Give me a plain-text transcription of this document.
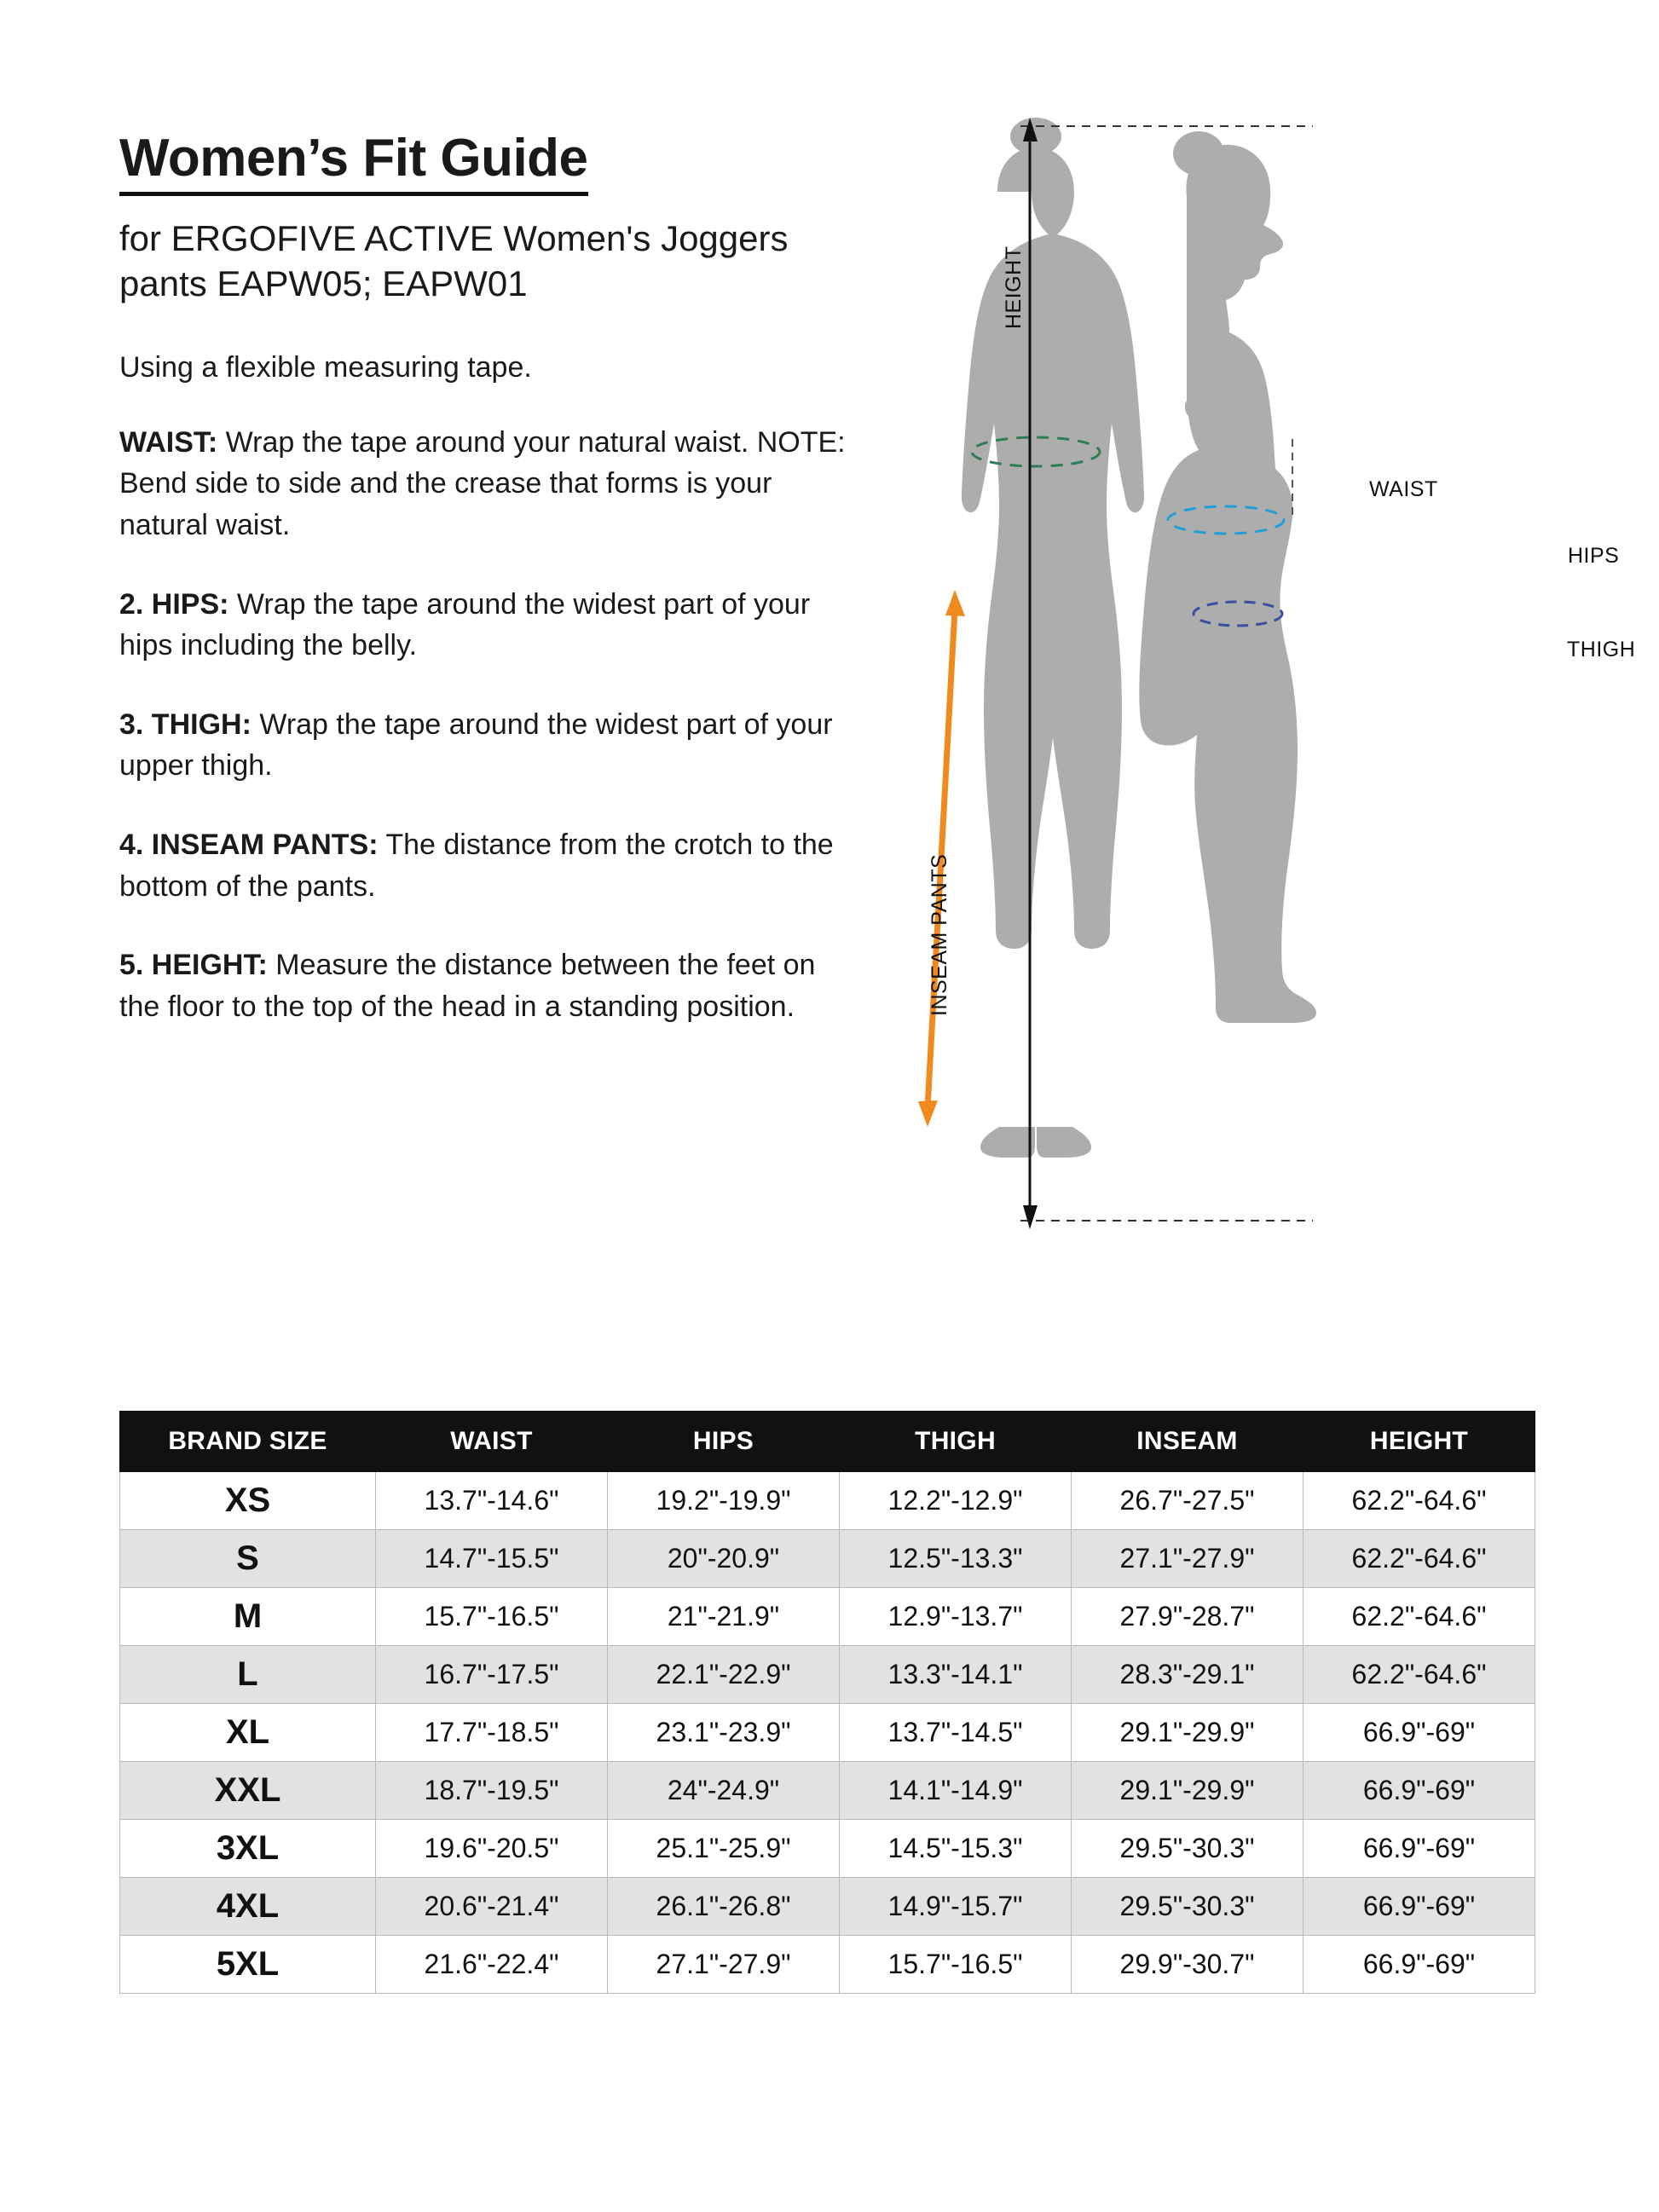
Women’s Fit Guide

for ERGOFIVE ACTIVE Women's Joggers pants EAPW05; EAPW01

Using a flexible measuring tape.

WAIST: Wrap the tape around your natural waist. NOTE: Bend side to side and the crease that forms is your natural waist.

2. HIPS: Wrap the tape around the widest part of your hips including the belly.

3. THIGH: Wrap the tape around the widest part of your upper thigh.

4. INSEAM PANTS: The distance from the crotch to the bottom of the pants.

5. HEIGHT: Measure the distance between the feet on the floor to the top of the head in a standing position.

WAIST
HIPS
THIGH
INSEAM PANTS
HEIGHT
BRAND SIZE	WAIST	HIPS	THIGH	INSEAM	HEIGHT
XS	13.7"-14.6"	19.2"-19.9"	12.2"-12.9"	26.7"-27.5"	62.2"-64.6"
S	14.7"-15.5"	20"-20.9"	12.5"-13.3"	27.1"-27.9"	62.2"-64.6"
M	15.7"-16.5"	21"-21.9"	12.9"-13.7"	27.9"-28.7"	62.2"-64.6"
L	16.7"-17.5"	22.1"-22.9"	13.3"-14.1"	28.3"-29.1"	62.2"-64.6"
XL	17.7"-18.5"	23.1"-23.9"	13.7"-14.5"	29.1"-29.9"	66.9"-69"
XXL	18.7"-19.5"	24"-24.9"	14.1"-14.9"	29.1"-29.9"	66.9"-69"
3XL	19.6"-20.5"	25.1"-25.9"	14.5"-15.3"	29.5"-30.3"	66.9"-69"
4XL	20.6"-21.4"	26.1"-26.8"	14.9"-15.7"	29.5"-30.3"	66.9"-69"
5XL	21.6"-22.4"	27.1"-27.9"	15.7"-16.5"	29.9"-30.7"	66.9"-69"
